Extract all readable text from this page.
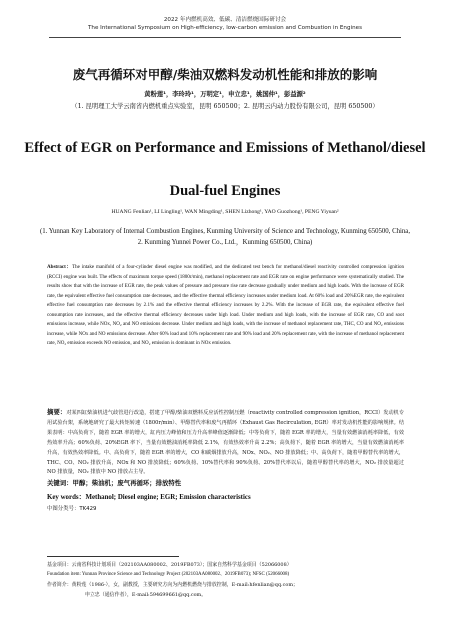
2022 年内燃机高效、低碳、清洁燃烧国际研讨会
The International Symposium on High-efficiency, low-carbon emission and Combustion in Engines
废气再循环对甲醇/柴油双燃料发动机性能和排放的影响
黄粉莲¹，李玲玲¹，万明定¹，申立忠¹，姚国仲¹，彭益源²
（1. 昆明理工大学云南省内燃机重点实验室，昆明 650500；2. 昆明云内动力股份有限公司，昆明 650500）
Effect of EGR on Performance and Emissions of Methanol/diesel
Dual-fuel Engines
HUANG Fenlian¹, LI Lingling¹, WAN Mingding¹, SHEN Lizhong¹, YAO Guozhong¹, PENG Yiyuan²
(1. Yunnan Key Laboratory of Internal Combustion Engines, Kunming University of Science and Technology, Kunming 650500, China, 2. Kunming Yunnei Power Co., Ltd.，Kunming 650500, China)
Abstract：The intake manifold of a four-cylinder diesel engine was modified, and the dedicated test bench for methanol/diesel reactivity controlled compression ignition (RCCI) engine was built. The effects of maximum torque speed (1800r/min), methanol replacement rate and EGR rate on engine performance were systematically studied. The results show that with the increase of EGR rate, the peak values of pressure and pressure rise rate decrease gradually under medium and high loads. With the increase of EGR rate, the equivalent effective fuel consumption rate decreases, and the effective thermal efficiency increases under medium load. At 60% load and 20%EGR rate, the equivalent effective fuel consumption rate decreases by 2.1% and the effective thermal efficiency increases by 2.2%. With the increase of EGR rate, the equivalent effective fuel consumption rate increases, and the effective thermal efficiency decreases under high load. Under medium and high loads, with the increase of EGR rate, CO and soot emissions increase, while NOx, NO₂ and NO emissions decrease. Under medium and high loads, with the increase of methanol replacement rate, THC, CO and NO₂ emissions increase, while NOx and NO emissions decrease. After 60% load and 10% replacement rate and 90% load and 20% replacement rate, with the increase of methanol replacement rate, NO₂ emission exceeds NO emission, and NO₂ emission is dominant in NOx emission.
摘要：对某四缸柴油机进气歧管进行改造，搭建了甲醇/柴油双燃料反应活性控制压燃（reactivity controlled compression ignition，RCCI）发动机专用试验台架，系统地研究了最大转矩转速（1800r/min）、甲醇替代率和废气再循环（Exhaust Gas Recirculation, EGR）率对发动机性能的影响规律。结果表明：中高负荷下，随着 EGR 率的增大，缸内压力峰值和压力升高率峰值逐渐降低；中等负荷下，随着 EGR 率的增大，当量有效燃油消耗率降低，有效热效率升高；60%负荷、20%EGR 率下，当量有效燃油消耗率降低 2.1%，有效热效率升高 2.2%；高负荷下，随着 EGR 率的增大，当量有效燃油消耗率升高，有效热效率降低。中、高负荷下，随着 EGR 率的增大，CO 和碳烟排放升高，NOx、NO₂、NO 排放降低；中、高负荷下，随着甲醇替代率的增大，THC、CO、NO₂ 排放升高，NOx 和 NO 排放降低；60%负荷、10%替代率和 90%负荷、20%替代率以后，随着甲醇替代率的增大，NO₂ 排放量超过 NO 排放量，NO₂ 排放中 NO 排放占主导。
关键词：甲醇；柴油机；废气再循环；排放特性
Key words：Methanol; Diesel engine; EGR; Emission characteristics
中图分类号：TK429
基金项目：云南省科技计划项目（202103AA080002、2019FB073）；国家自然科学基金项目（52066008）
Foundation item: Yunnan Province Science and Technology Project (202103AA080002、2019FB073); NFSC (52066008)
作者简介：黄粉莲（1986-），女，副教授，主要研究方向为内燃机燃烧与排放控制，E-mail:hfenlian@qq.com；
申立忠（通信作者），E-mail:594699661@qq.com。
